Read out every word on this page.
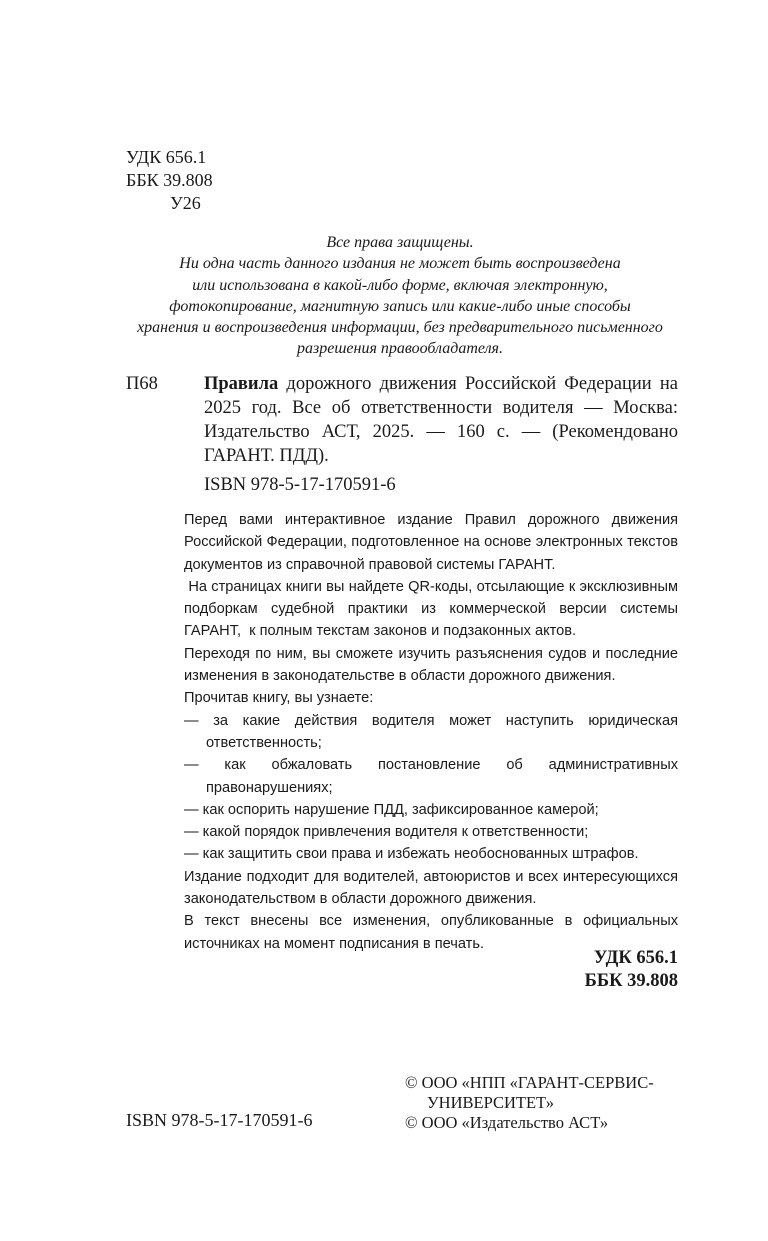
УДК 656.1
ББК 39.808
У26
Все права защищены.
Ни одна часть данного издания не может быть воспроизведена
или использована в какой-либо форме, включая электронную,
фотокопирование, магнитную запись или какие-либо иные способы
хранения и воспроизведения информации, без предварительного письменного
разрешения правообладателя.
П68 Правила дорожного движения Российской Федерации на 2025 год. Все об ответственности водителя — Москва: Издательство АСТ, 2025. — 160 с. — (Рекомендовано ГАРАНТ. ПДД).
ISBN 978-5-17-170591-6

Перед вами интерактивное издание Правил дорожного движения Российской Федерации, подготовленное на основе электронных текстов документов из справочной правовой системы ГАРАНТ.

На страницах книги вы найдете QR-коды, отсылающие к эксклюзивным подборкам судебной практики из коммерческой версии системы ГАРАНТ,  к полным текстам законов и подзаконных актов.

Переходя по ним, вы сможете изучить разъяснения судов и последние изменения в законодательстве в области дорожного движения.

Прочитав книгу, вы узнаете:

— за какие действия водителя может наступить юридическая ответственность;

— как обжаловать постановление об административных правонарушениях;

— как оспорить нарушение ПДД, зафиксированное камерой;

— какой порядок привлечения водителя к ответственности;

— как защитить свои права и избежать необоснованных штрафов.

Издание подходит для водителей, автоюристов и всех интересующихся законодательством в области дорожного движения.

В текст внесены все изменения, опубликованные в официальных источниках на момент подписания в печать.

УДК 656.1
ББК 39.808
ISBN 978-5-17-170591-6
© ООО «НПП «ГАРАНТ-СЕРВИС-
УНИВЕРСИТЕТ»
© ООО «Издательство АСТ»
